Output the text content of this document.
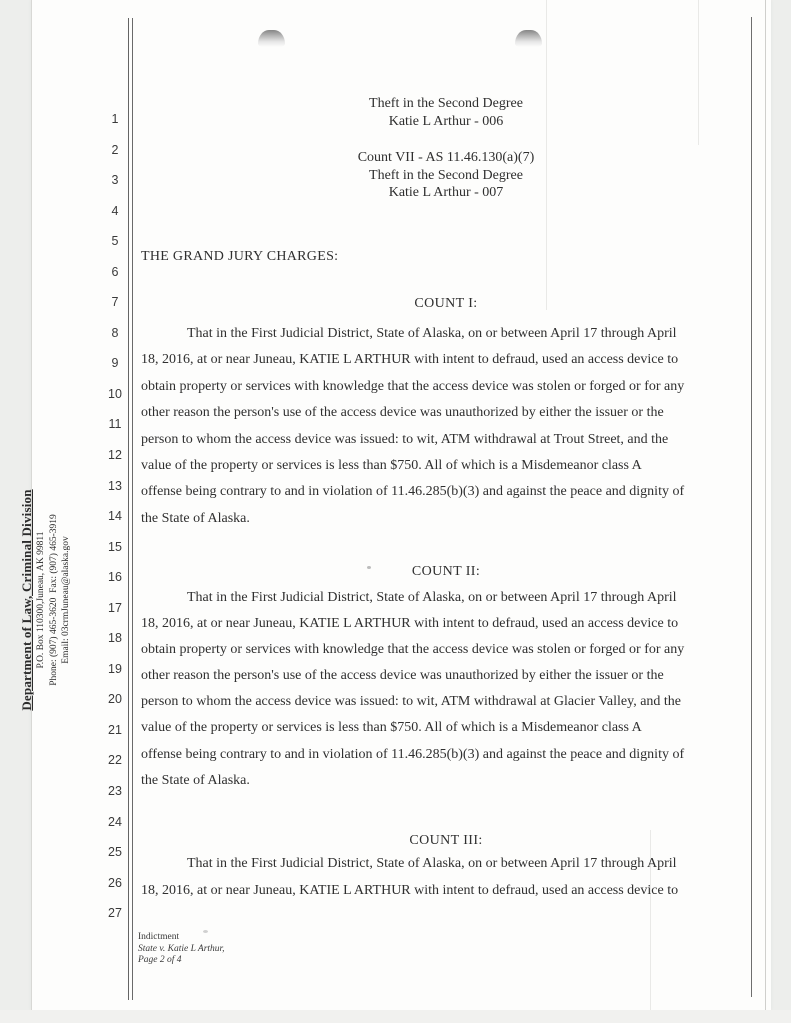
Department of Law, Criminal Division P.O. Box 110300,Juneau, AK 99811 Phone: (907) 465-3620  Fax: (907) 465-3919 Email: 03crmJuneau@alaska.gov
1
2
3
4
5
6
7
8
9
10
11
12
13
14
15
16
17
18
19
20
21
22
23
24
25
26
27
Theft in the Second Degree
Katie L Arthur - 006
Count VII - AS 11.46.130(a)(7)
Theft in the Second Degree
Katie L Arthur - 007
THE GRAND JURY CHARGES:
COUNT I:
That in the First Judicial District, State of Alaska, on or between April 17 through April
18, 2016, at or near Juneau, KATIE L ARTHUR with intent to defraud, used an access device to
obtain property or services with knowledge that the access device was stolen or forged or for any
other reason the person's use of the access device was unauthorized by either the issuer or the
person to whom the access device was issued: to wit, ATM withdrawal at Trout Street, and the
value of the property or services is less than $750. All of which is a Misdemeanor class A
offense being contrary to and in violation of 11.46.285(b)(3) and against the peace and dignity of
the State of Alaska.
COUNT II:
That in the First Judicial District, State of Alaska, on or between April 17 through April
18, 2016, at or near Juneau, KATIE L ARTHUR with intent to defraud, used an access device to
obtain property or services with knowledge that the access device was stolen or forged or for any
other reason the person's use of the access device was unauthorized by either the issuer or the
person to whom the access device was issued: to wit, ATM withdrawal at Glacier Valley, and the
value of the property or services is less than $750. All of which is a Misdemeanor class A
offense being contrary to and in violation of 11.46.285(b)(3) and against the peace and dignity of
the State of Alaska.
COUNT III:
That in the First Judicial District, State of Alaska, on or between April 17 through April
18, 2016, at or near Juneau, KATIE L ARTHUR with intent to defraud, used an access device to
Indictment
State v. Katie L Arthur,
Page 2 of 4
